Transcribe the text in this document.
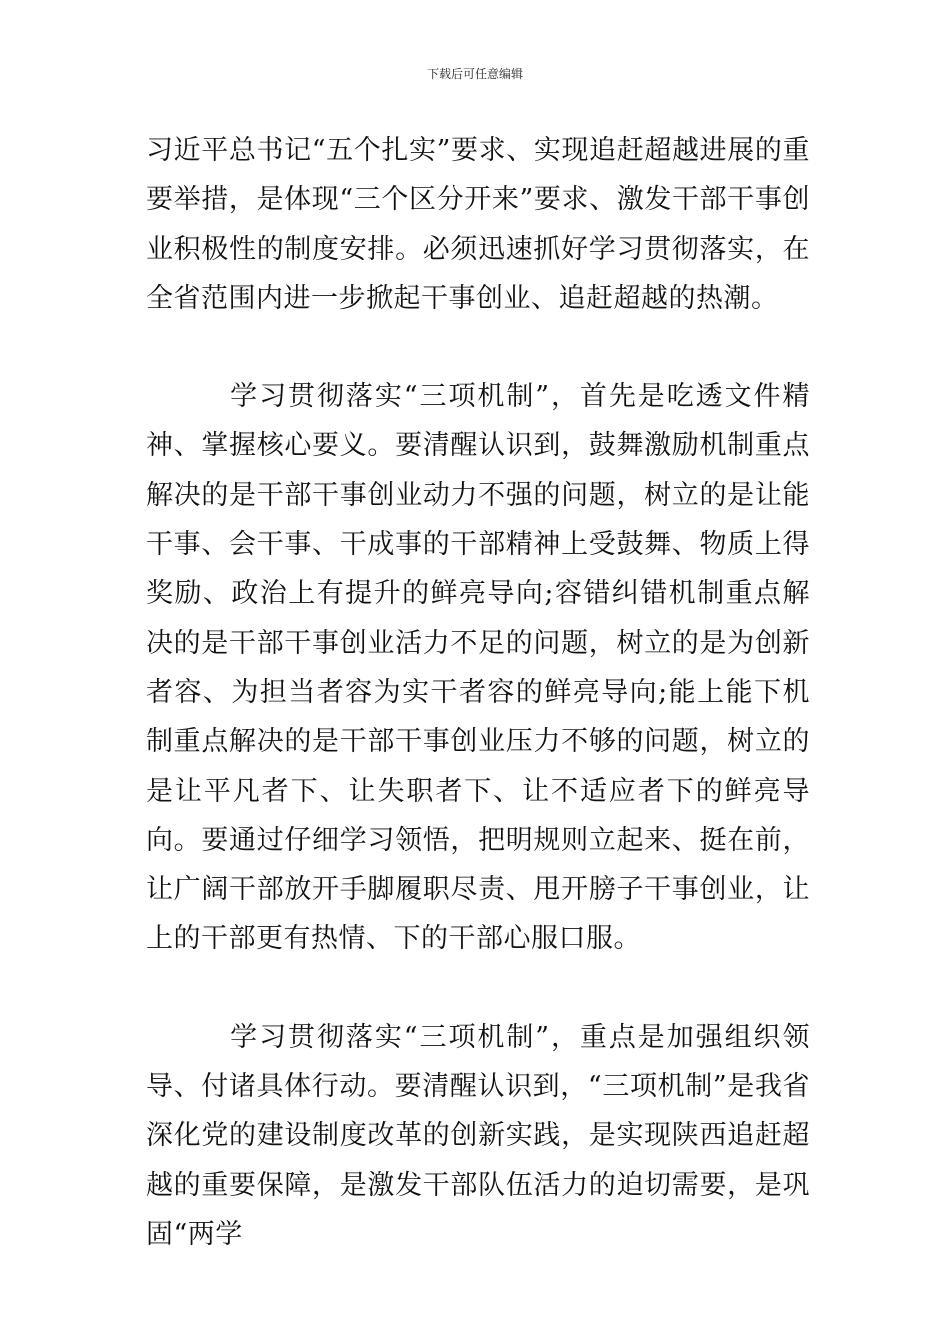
下载后可任意编辑

习近平总书记“五个扎实”要求、实现追赶超越进展的重要举措，是体现“三个区分开来”要求、激发干部干事创业积极性的制度安排。必须迅速抓好学习贯彻落实，在全省范围内进一步掀起干事创业、追赶超越的热潮。

学习贯彻落实“三项机制”，首先是吃透文件精神、掌握核心要义。要清醒认识到，鼓舞激励机制重点解决的是干部干事创业动力不强的问题，树立的是让能干事、会干事、干成事的干部精神上受鼓舞、物质上得奖励、政治上有提升的鲜亮导向;容错纠错机制重点解决的是干部干事创业活力不足的问题，树立的是为创新者容、为担当者容为实干者容的鲜亮导向;能上能下机制重点解决的是干部干事创业压力不够的问题，树立的是让平凡者下、让失职者下、让不适应者下的鲜亮导向。要通过仔细学习领悟，把明规则立起来、挺在前，让广阔干部放开手脚履职尽责、甩开膀子干事创业，让上的干部更有热情、下的干部心服口服。

学习贯彻落实“三项机制”，重点是加强组织领导、付诸具体行动。要清醒认识到，“三项机制”是我省深化党的建设制度改革的创新实践，是实现陕西追赶超越的重要保障，是激发干部队伍活力的迫切需要，是巩固“两学
